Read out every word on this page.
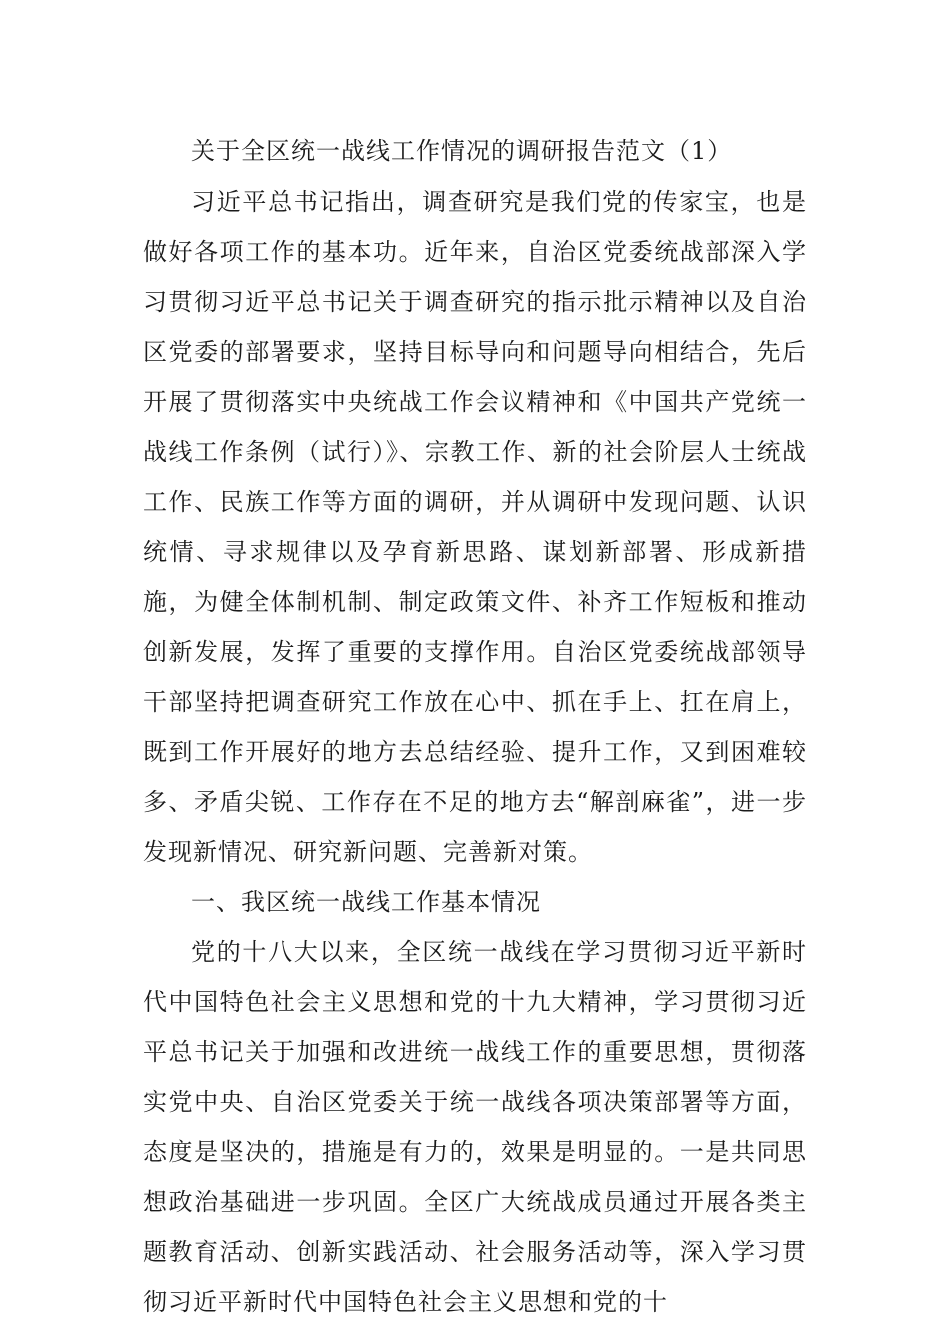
关于全区统一战线工作情况的调研报告范文（1）

习近平总书记指出，调查研究是我们党的传家宝，也是做好各项工作的基本功。近年来，自治区党委统战部深入学习贯彻习近平总书记关于调查研究的指示批示精神以及自治区党委的部署要求，坚持目标导向和问题导向相结合，先后开展了贯彻落实中央统战工作会议精神和《中国共产党统一战线工作条例（试行）》、宗教工作、新的社会阶层人士统战工作、民族工作等方面的调研，并从调研中发现问题、认识统情、寻求规律以及孕育新思路、谋划新部署、形成新措施，为健全体制机制、制定政策文件、补齐工作短板和推动创新发展，发挥了重要的支撑作用。自治区党委统战部领导干部坚持把调查研究工作放在心中、抓在手上、扛在肩上，既到工作开展好的地方去总结经验、提升工作，又到困难较多、矛盾尖锐、工作存在不足的地方去“解剖麻雀”，进一步发现新情况、研究新问题、完善新对策。

一、我区统一战线工作基本情况

党的十八大以来，全区统一战线在学习贯彻习近平新时代中国特色社会主义思想和党的十九大精神，学习贯彻习近平总书记关于加强和改进统一战线工作的重要思想，贯彻落实党中央、自治区党委关于统一战线各项决策部署等方面，态度是坚决的，措施是有力的，效果是明显的。一是共同思想政治基础进一步巩固。全区广大统战成员通过开展各类主题教育活动、创新实践活动、社会服务活动等，深入学习贯彻习近平新时代中国特色社会主义思想和党的十
